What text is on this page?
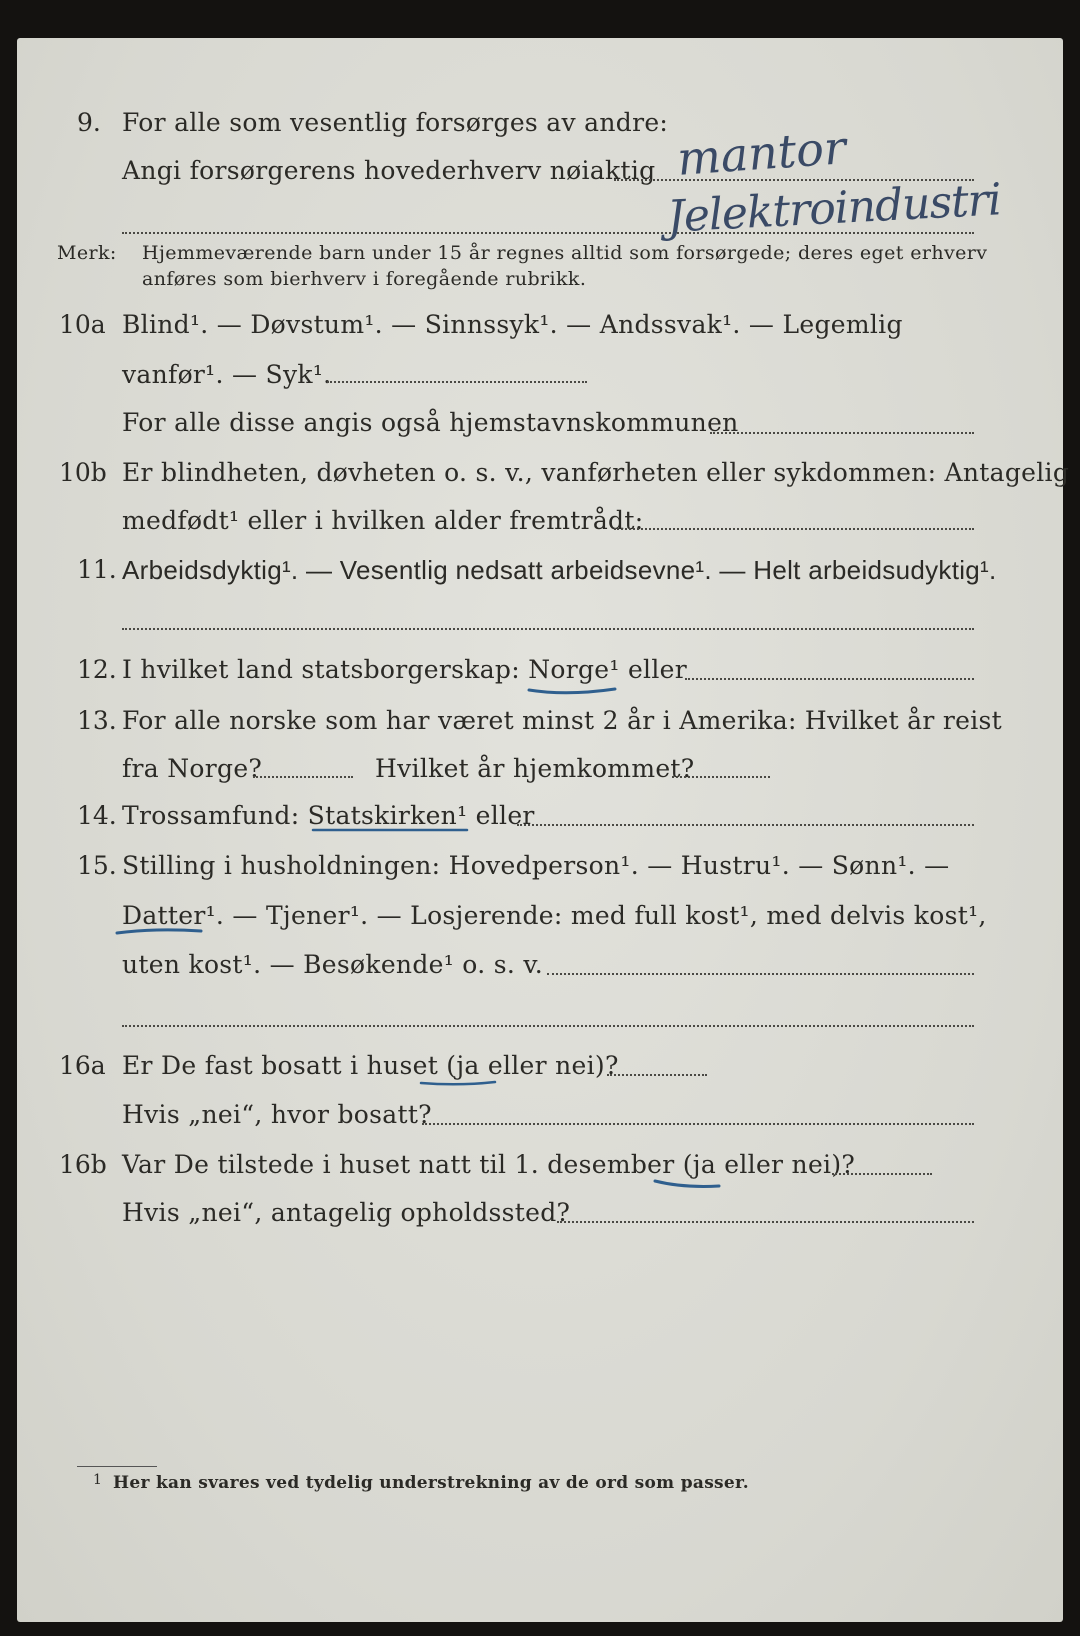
9. For alle som vesentlig forsørges av andre:
Angi forsørgerens hovederhverv nøiaktig mantor
Jelektroindustri
Merk: Hjemmeværende barn under 15 år regnes alltid som forsørgede; deres eget erhverv
anføres som bierhverv i foregående rubrikk.
10a Blind¹. — Døvstum¹. — Sinnssyk¹. — Andssvak¹. — Legemlig
vanfør¹. — Syk¹.
For alle disse angis også hjemstavnskommunen
10b Er blindheten, døvheten o. s. v., vanførheten eller sykdommen: Antagelig
medfødt¹ eller i hvilken alder fremtrådt:
11. Arbeidsdyktig¹. — Vesentlig nedsatt arbeidsevne¹. — Helt arbeidsudyktig¹.
12. I hvilket land statsborgerskap: Norge¹ eller
13. For alle norske som har været minst 2 år i Amerika: Hvilket år reist
fra Norge?	Hvilket år hjemkommet?
14. Trossamfund: Statskirken¹ eller
15. Stilling i husholdningen: Hovedperson¹. — Hustru¹. — Sønn¹. —
Datter¹. — Tjener¹. — Losjerende: med full kost¹, med delvis kost¹,
uten kost¹. — Besøkende¹ o. s. v.
16a Er De fast bosatt i huset (ja eller nei)?
Hvis „nei“, hvor bosatt?
16b Var De tilstede i huset natt til 1. desember (ja eller nei)?
Hvis „nei“, antagelig opholdssted?
1 Her kan svares ved tydelig understrekning av de ord som passer.
